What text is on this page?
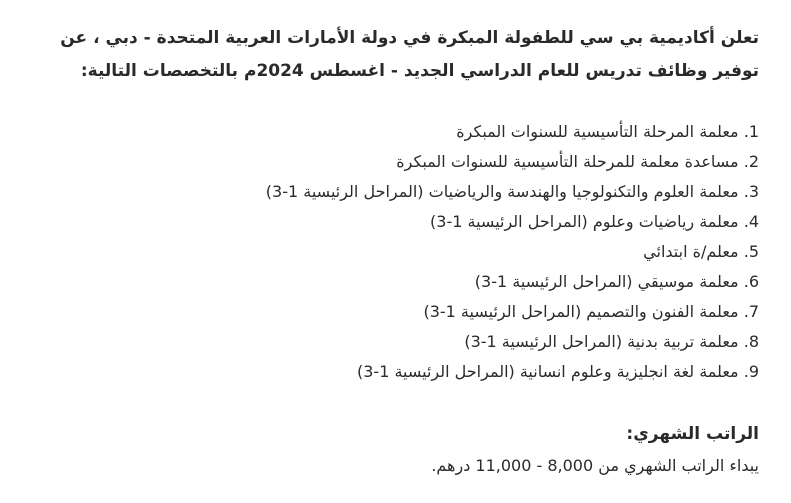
تعلن أكاديمية بي سي للطفولة المبكرة في دولة الأمارات العربية المتحدة - دبي ، عن توفير وظائف تدريس للعام الدراسي الجديد - اغسطس 2024م بالتخصصات التالية:

1. معلمة المرحلة التأسيسية للسنوات المبكرة
2. مساعدة معلمة للمرحلة التأسيسية للسنوات المبكرة
3. معلمة العلوم والتكنولوجيا والهندسة والرياضيات (المراحل الرئيسية 1-3)
4. معلمة رياضيات وعلوم (المراحل الرئيسية 1-3)
5. معلم/ة ابتدائي
6. معلمة موسيقي (المراحل الرئيسية 1-3)
7. معلمة الفنون والتصميم (المراحل الرئيسية 1-3)
8. معلمة تربية بدنية (المراحل الرئيسية 1-3)
9. معلمة لغة انجليزية وعلوم انسانية (المراحل الرئيسية 1-3)

الراتب الشهري:

يبداء الراتب الشهري من 8,000 - 11,000 درهم.
